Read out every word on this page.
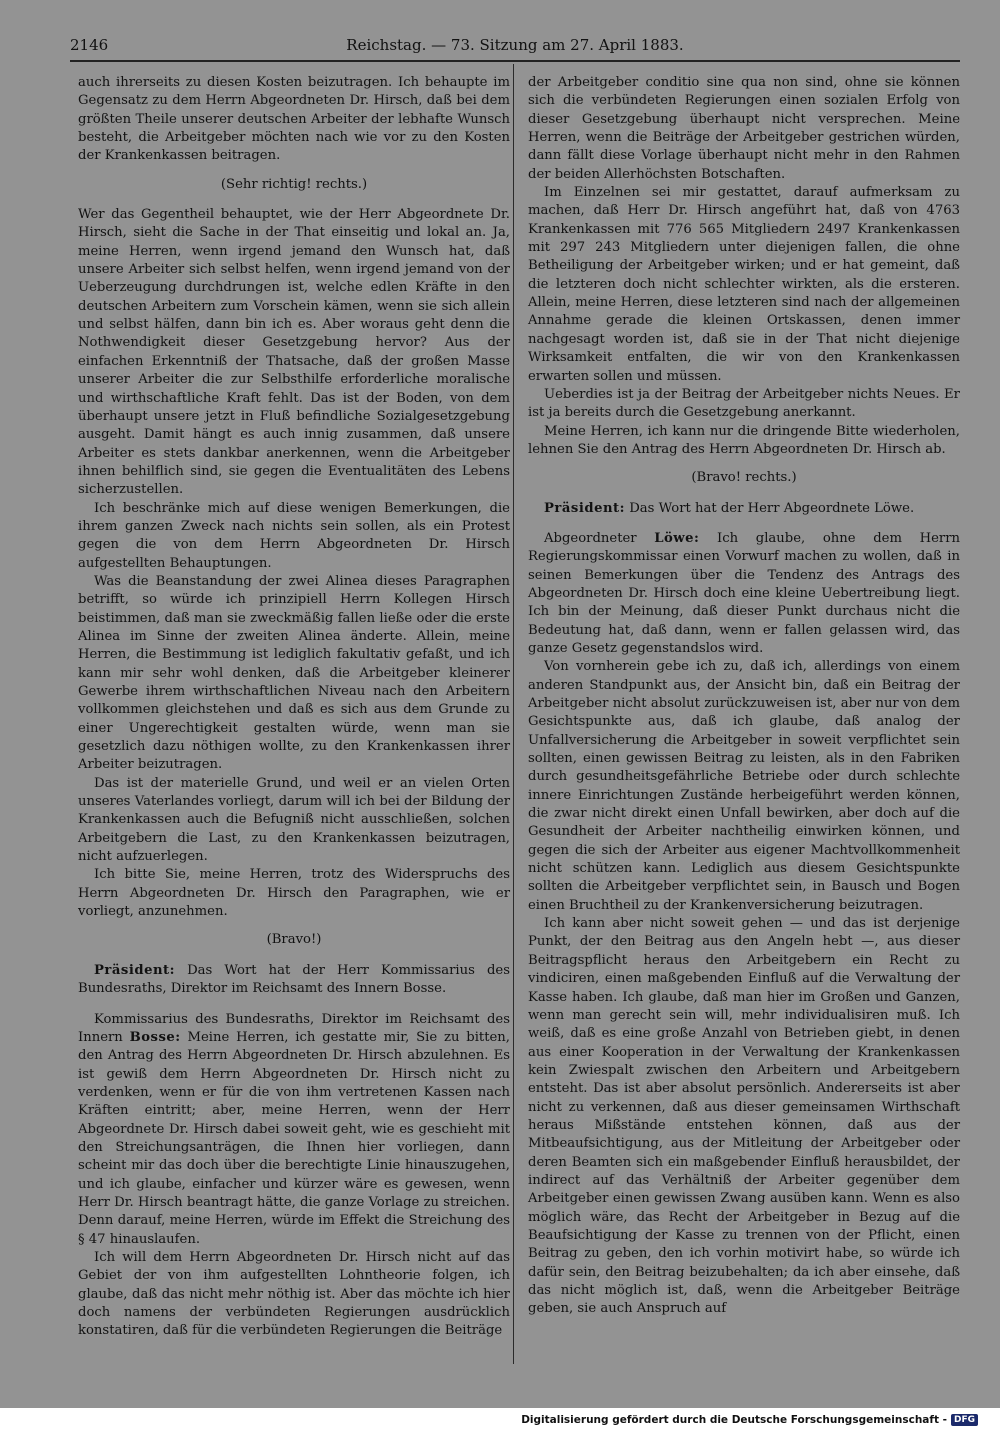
2146	Reichstag. — 73. Sitzung am 27. April 1883.

auch ihrerseits zu diesen Kosten beizutragen. Ich behaupte im Gegensatz zu dem Herrn Abgeordneten Dr. Hirsch, daß bei dem größten Theile unserer deutschen Arbeiter der lebhafte Wunsch besteht, die Arbeitgeber möchten nach wie vor zu den Kosten der Krankenkassen beitragen.

(Sehr richtig! rechts.)

Wer das Gegentheil behauptet, wie der Herr Abgeordnete Dr. Hirsch, sieht die Sache in der That einseitig und lokal an. Ja, meine Herren, wenn irgend jemand den Wunsch hat, daß unsere Arbeiter sich selbst helfen, wenn irgend jemand von der Ueberzeugung durchdrungen ist, welche edlen Kräfte in den deutschen Arbeitern zum Vorschein kämen, wenn sie sich allein und selbst hälfen, dann bin ich es. Aber woraus geht denn die Nothwendigkeit dieser Gesetzgebung hervor? Aus der einfachen Erkenntniß der Thatsache, daß der großen Masse unserer Arbeiter die zur Selbsthilfe erforderliche moralische und wirthschaftliche Kraft fehlt. Das ist der Boden, von dem überhaupt unsere jetzt in Fluß befindliche Sozialgesetzgebung ausgeht. Damit hängt es auch innig zusammen, daß unsere Arbeiter es stets dankbar anerkennen, wenn die Arbeitgeber ihnen behilflich sind, sie gegen die Eventualitäten des Lebens sicherzustellen.

Ich beschränke mich auf diese wenigen Bemerkungen, die ihrem ganzen Zweck nach nichts sein sollen, als ein Protest gegen die von dem Herrn Abgeordneten Dr. Hirsch aufgestellten Behauptungen.

Was die Beanstandung der zwei Alinea dieses Paragraphen betrifft, so würde ich prinzipiell Herrn Kollegen Hirsch beistimmen, daß man sie zweckmäßig fallen ließe oder die erste Alinea im Sinne der zweiten Alinea änderte. Allein, meine Herren, die Bestimmung ist lediglich fakultativ gefaßt, und ich kann mir sehr wohl denken, daß die Arbeitgeber kleinerer Gewerbe ihrem wirthschaftlichen Niveau nach den Arbeitern vollkommen gleichstehen und daß es sich aus dem Grunde zu einer Ungerechtigkeit gestalten würde, wenn man sie gesetzlich dazu nöthigen wollte, zu den Krankenkassen ihrer Arbeiter beizutragen.

Das ist der materielle Grund, und weil er an vielen Orten unseres Vaterlandes vorliegt, darum will ich bei der Bildung der Krankenkassen auch die Befugniß nicht ausschließen, solchen Arbeitgebern die Last, zu den Krankenkassen beizutragen, nicht aufzuerlegen.

Ich bitte Sie, meine Herren, trotz des Widerspruchs des Herrn Abgeordneten Dr. Hirsch den Paragraphen, wie er vorliegt, anzunehmen.

(Bravo!)

Präsident: Das Wort hat der Herr Kommissarius des Bundesraths, Direktor im Reichsamt des Innern Bosse.

Kommissarius des Bundesraths, Direktor im Reichsamt des Innern Bosse: Meine Herren, ich gestatte mir, Sie zu bitten, den Antrag des Herrn Abgeordneten Dr. Hirsch abzulehnen. Es ist gewiß dem Herrn Abgeordneten Dr. Hirsch nicht zu verdenken, wenn er für die von ihm vertretenen Kassen nach Kräften eintritt; aber, meine Herren, wenn der Herr Abgeordnete Dr. Hirsch dabei soweit geht, wie es geschieht mit den Streichungsanträgen, die Ihnen hier vorliegen, dann scheint mir das doch über die berechtigte Linie hinauszugehen, und ich glaube, einfacher und kürzer wäre es gewesen, wenn Herr Dr. Hirsch beantragt hätte, die ganze Vorlage zu streichen. Denn darauf, meine Herren, würde im Effekt die Streichung des § 47 hinauslaufen.

Ich will dem Herrn Abgeordneten Dr. Hirsch nicht auf das Gebiet der von ihm aufgestellten Lohntheorie folgen, ich glaube, daß das nicht mehr nöthig ist. Aber das möchte ich hier doch namens der verbündeten Regierungen ausdrücklich konstatiren, daß für die verbündeten Regierungen die Beiträge

der Arbeitgeber conditio sine qua non sind, ohne sie können sich die verbündeten Regierungen einen sozialen Erfolg von dieser Gesetzgebung überhaupt nicht versprechen. Meine Herren, wenn die Beiträge der Arbeitgeber gestrichen würden, dann fällt diese Vorlage überhaupt nicht mehr in den Rahmen der beiden Allerhöchsten Botschaften.

Im Einzelnen sei mir gestattet, darauf aufmerksam zu machen, daß Herr Dr. Hirsch angeführt hat, daß von 4763 Krankenkassen mit 776 565 Mitgliedern 2497 Krankenkassen mit 297 243 Mitgliedern unter diejenigen fallen, die ohne Betheiligung der Arbeitgeber wirken; und er hat gemeint, daß die letzteren doch nicht schlechter wirkten, als die ersteren. Allein, meine Herren, diese letzteren sind nach der allgemeinen Annahme gerade die kleinen Ortskassen, denen immer nachgesagt worden ist, daß sie in der That nicht diejenige Wirksamkeit entfalten, die wir von den Krankenkassen erwarten sollen und müssen.

Ueberdies ist ja der Beitrag der Arbeitgeber nichts Neues. Er ist ja bereits durch die Gesetzgebung anerkannt.

Meine Herren, ich kann nur die dringende Bitte wiederholen, lehnen Sie den Antrag des Herrn Abgeordneten Dr. Hirsch ab.

(Bravo! rechts.)

Präsident: Das Wort hat der Herr Abgeordnete Löwe.

Abgeordneter Löwe: Ich glaube, ohne dem Herrn Regierungskommissar einen Vorwurf machen zu wollen, daß in seinen Bemerkungen über die Tendenz des Antrags des Abgeordneten Dr. Hirsch doch eine kleine Uebertreibung liegt. Ich bin der Meinung, daß dieser Punkt durchaus nicht die Bedeutung hat, daß dann, wenn er fallen gelassen wird, das ganze Gesetz gegenstandslos wird.

Von vornherein gebe ich zu, daß ich, allerdings von einem anderen Standpunkt aus, der Ansicht bin, daß ein Beitrag der Arbeitgeber nicht absolut zurückzuweisen ist, aber nur von dem Gesichtspunkte aus, daß ich glaube, daß analog der Unfallversicherung die Arbeitgeber in soweit verpflichtet sein sollten, einen gewissen Beitrag zu leisten, als in den Fabriken durch gesundheitsgefährliche Betriebe oder durch schlechte innere Einrichtungen Zustände herbeigeführt werden können, die zwar nicht direkt einen Unfall bewirken, aber doch auf die Gesundheit der Arbeiter nachtheilig einwirken können, und gegen die sich der Arbeiter aus eigener Machtvollkommenheit nicht schützen kann. Lediglich aus diesem Gesichtspunkte sollten die Arbeitgeber verpflichtet sein, in Bausch und Bogen einen Bruchtheil zu der Krankenversicherung beizutragen.

Ich kann aber nicht soweit gehen — und das ist derjenige Punkt, der den Beitrag aus den Angeln hebt —, aus dieser Beitragspflicht heraus den Arbeitgebern ein Recht zu vindiciren, einen maßgebenden Einfluß auf die Verwaltung der Kasse haben. Ich glaube, daß man hier im Großen und Ganzen, wenn man gerecht sein will, mehr individualisiren muß. Ich weiß, daß es eine große Anzahl von Betrieben giebt, in denen aus einer Kooperation in der Verwaltung der Krankenkassen kein Zwiespalt zwischen den Arbeitern und Arbeitgebern entsteht. Das ist aber absolut persönlich. Andererseits ist aber nicht zu verkennen, daß aus dieser gemeinsamen Wirthschaft heraus Mißstände entstehen können, daß aus der Mitbeaufsichtigung, aus der Mitleitung der Arbeitgeber oder deren Beamten sich ein maßgebender Einfluß herausbildet, der indirect auf das Verhältniß der Arbeiter gegenüber dem Arbeitgeber einen gewissen Zwang ausüben kann. Wenn es also möglich wäre, das Recht der Arbeitgeber in Bezug auf die Beaufsichtigung der Kasse zu trennen von der Pflicht, einen Beitrag zu geben, den ich vorhin motivirt habe, so würde ich dafür sein, den Beitrag beizubehalten; da ich aber einsehe, daß das nicht möglich ist, daß, wenn die Arbeitgeber Beiträge geben, sie auch Anspruch auf

Digitalisierung gefördert durch die Deutsche Forschungsgemeinschaft - DFG
